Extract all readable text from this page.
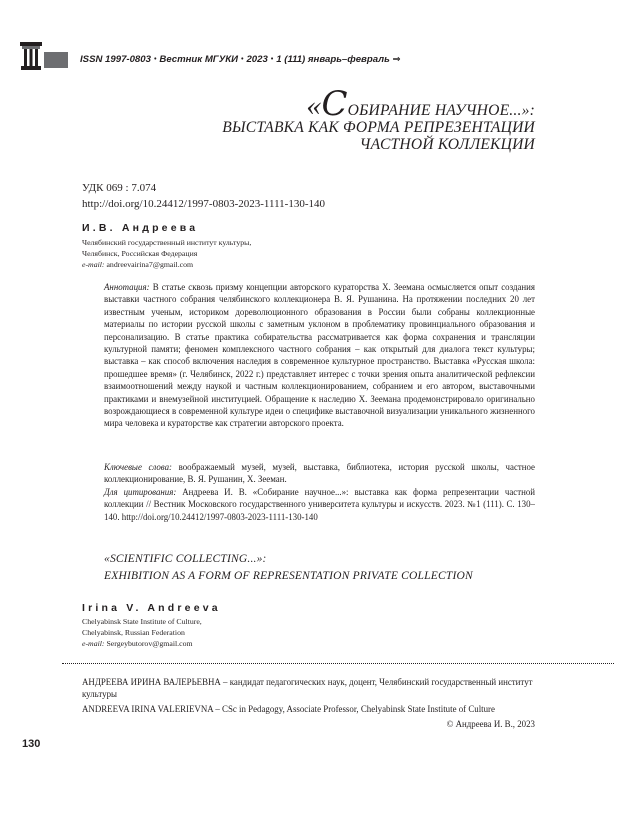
ISSN 1997-0803 • Вестник МГУКИ • 2023 • 1 (111) январь–февраль ⇒
«СОБИРАНИЕ НАУЧНОЕ...»:
ВЫСТАВКА КАК ФОРМА РЕПРЕЗЕНТАЦИИ
ЧАСТНОЙ КОЛЛЕКЦИИ
УДК 069 : 7.074
http://doi.org/10.24412/1997-0803-2023-1111-130-140
И.В. Андреева
Челябинский государственный институт культуры,
Челябинск, Российская Федерация
e-mail: andreevairina7@gmail.com
Аннотация: В статье сквозь призму концепции авторского кураторства Х. Зеемана осмысляется опыт создания выставки частного собрания челябинского коллекционера В. Я. Рушанина. На протяжении последних 20 лет известным ученым, историком дореволюционного образования в России были собраны коллекционные материалы по истории русской школы с заметным уклоном в проблематику провинциального образования и персонализацию. В статье практика собирательства рассматривается как форма сохранения и трансляции культурной памяти; феномен комплексного частного собрания – как открытый для диалога текст культуры; выставка – как способ включения наследия в современное культурное пространство. Выставка «Русская школа: прошедшее время» (г. Челябинск, 2022 г.) представляет интерес с точки зрения опыта аналитической рефлексии взаимоотношений между наукой и частным коллекционированием, собранием и его автором, выставочными практиками и внемузейной институцией. Обращение к наследию Х. Зеемана продемонстрировало оригинально возрождающиеся в современной культуре идеи о специфике выставочной визуализации уникального жизненного мира человека и кураторстве как стратегии авторского проекта.
Ключевые слова: воображаемый музей, музей, выставка, библиотека, история русской школы, частное коллекционирование, В. Я. Рушанин, Х. Зееман.
Для цитирования: Андреева И. В. «Собирание научное...»: выставка как форма репрезентации частной коллекции // Вестник Московского государственного университета культуры и искусств. 2023. №1 (111). С. 130–140. http://doi.org/10.24412/1997-0803-2023-1111-130-140
«SCIENTIFIC COLLECTING...»:
EXHIBITION AS A FORM OF REPRESENTATION PRIVATE COLLECTION
Irina V. Andreeva
Chelyabinsk State Institute of Culture,
Chelyabinsk, Russian Federation
e-mail: Sergeybutorov@gmail.com
АНДРЕЕВА ИРИНА ВАЛЕРЬЕВНА – кандидат педагогических наук, доцент, Челябинский государственный институт культуры
ANDREEVA IRINA VALERIEVNA – CSc in Pedagogy, Associate Professor, Chelyabinsk State Institute of Culture
© Андреева И. В., 2023
130
